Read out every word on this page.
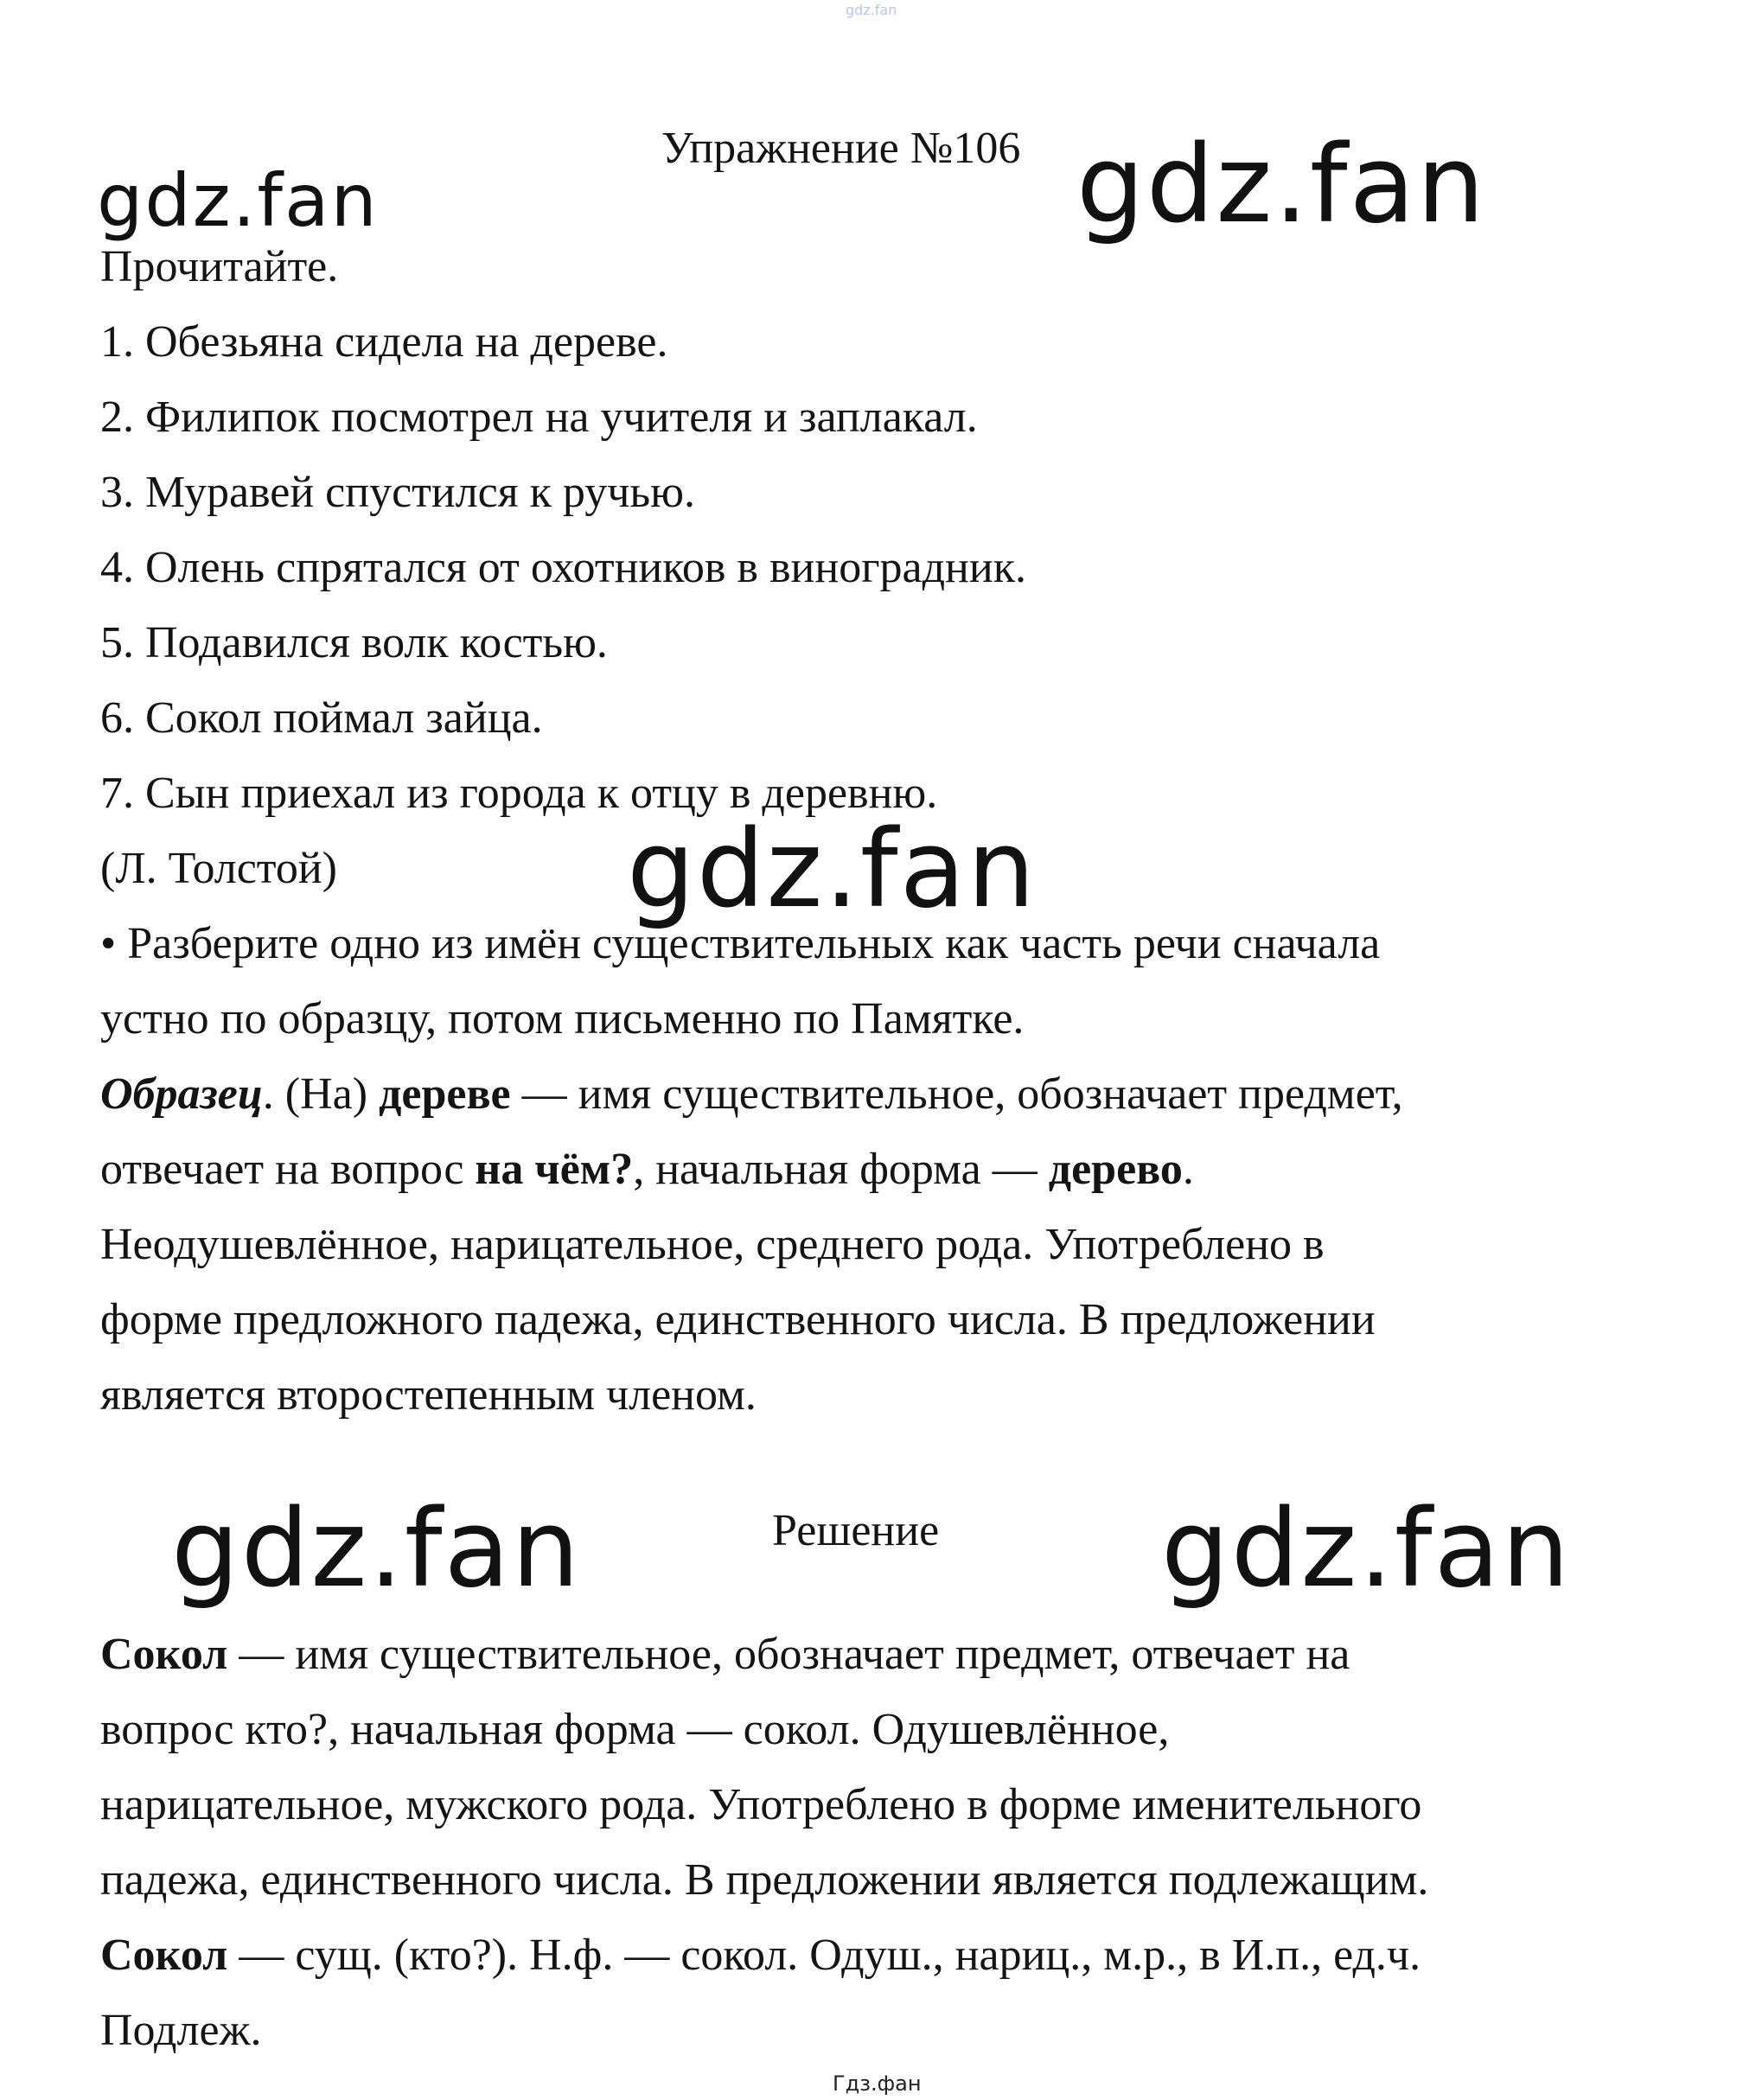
gdz.fan
Упражнение №106
gdz.fan	gdz.fan
gdz.fan
gdz.fan	gdz.fan
Прочитайте.
1. Обезьяна сидела на дереве.
2. Филипок посмотрел на учителя и заплакал.
3. Муравей спустился к ручью.
4. Олень спрятался от охотников в виноградник.
5. Подавился волк костью.
6. Сокол поймал зайца.
7. Сын приехал из города к отцу в деревню.
(Л. Толстой)
• Разберите одно из имён существительных как часть речи сначала
устно по образцу, потом письменно по Памятке.
Образец. (На) дереве — имя существительное, обозначает предмет,
отвечает на вопрос на чём?, начальная форма — дерево.
Неодушевлённое, нарицательное, среднего рода. Употреблено в
форме предложного падежа, единственного числа. В предложении
является второстепенным членом.
Решение
Сокол — имя существительное, обозначает предмет, отвечает на
вопрос кто?, начальная форма — сокол. Одушевлённое,
нарицательное, мужского рода. Употреблено в форме именительного
падежа, единственного числа. В предложении является подлежащим.
Сокол — сущ. (кто?). Н.ф. — сокол. Одуш., нариц., м.р., в И.п., ед.ч.
Подлеж.
Гдз.фан
